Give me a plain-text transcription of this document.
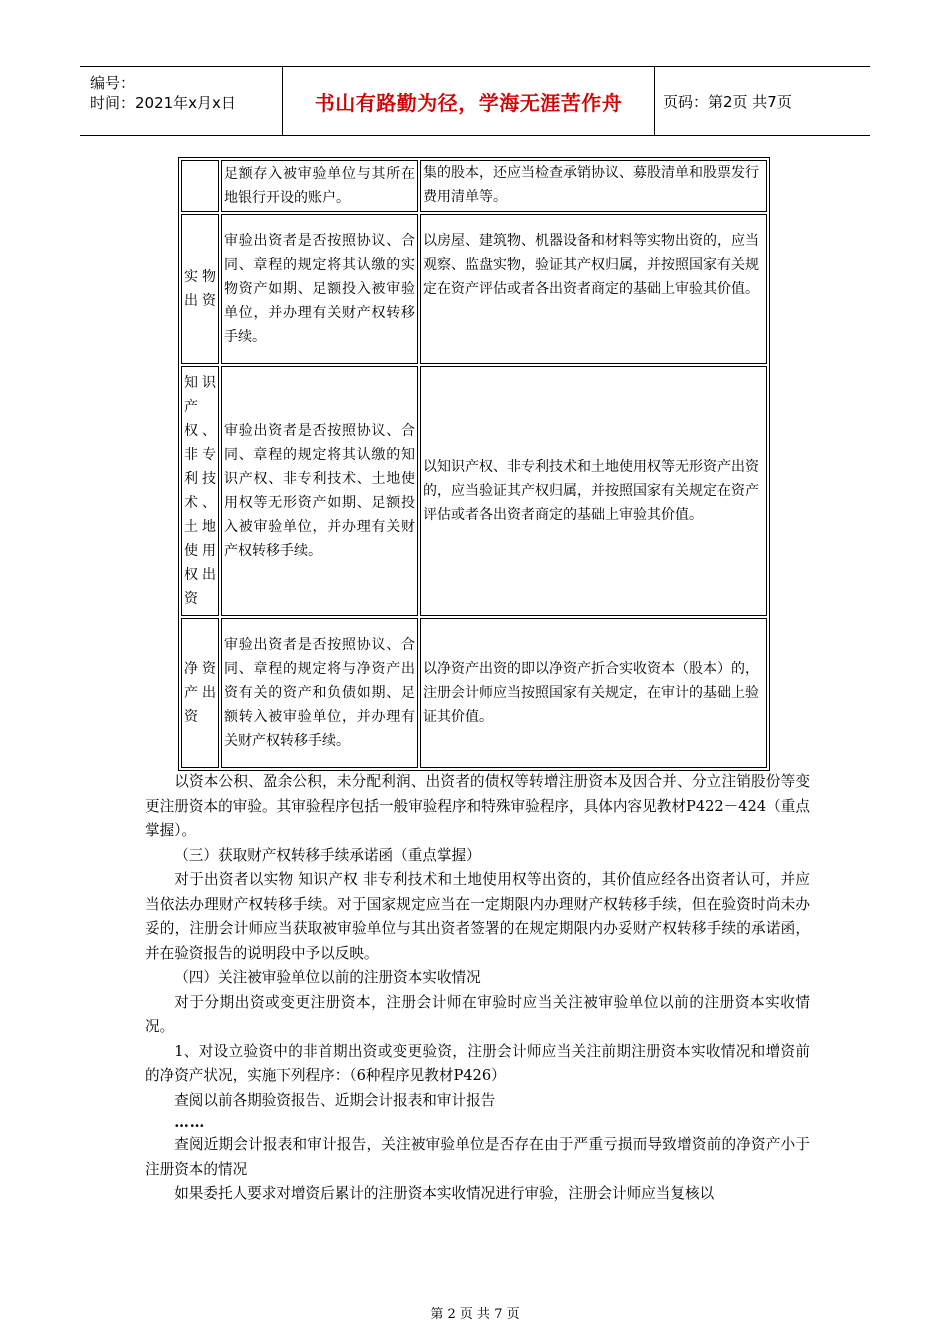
编号：
时间：2021年x月x日	书山有路勤为径，学海无涯苦作舟	页码：第2页 共7页
	足额存入被审验单位与其所在地银行开设的账户。	集的股本，还应当检查承销协议、募股清单和股票发行费用清单等。
实物出资	审验出资者是否按照协议、合同、章程的规定将其认缴的实物资产如期、足额投入被审验单位，并办理有关财产权转移手续。	以房屋、建筑物、机器设备和材料等实物出资的，应当观察、监盘实物，验证其产权归属，并按照国家有关规定在资产评估或者各出资者商定的基础上审验其价值。
知识产权、非专利技术、土地使用权出资	审验出资者是否按照协议、合同、章程的规定将其认缴的知识产权、非专利技术、土地使用权等无形资产如期、足额投入被审验单位，并办理有关财产权转移手续。	以知识产权、非专利技术和土地使用权等无形资产出资的，应当验证其产权归属，并按照国家有关规定在资产评估或者各出资者商定的基础上审验其价值。
净资产出资	审验出资者是否按照协议、合同、章程的规定将与净资产出资有关的资产和负债如期、足额转入被审验单位，并办理有关财产权转移手续。	以净资产出资的即以净资产折合实收资本（股本）的，注册会计师应当按照国家有关规定，在审计的基础上验证其价值。

以资本公积、盈余公积，未分配利润、出资者的债权等转增注册资本及因合并、分立注销股份等变更注册资本的审验。其审验程序包括一般审验程序和特殊审验程序，具体内容见教材P422－424（重点掌握）。

（三）获取财产权转移手续承诺函（重点掌握）

对于出资者以实物 知识产权 非专利技术和土地使用权等出资的，其价值应经各出资者认可，并应当依法办理财产权转移手续。对于国家规定应当在一定期限内办理财产权转移手续，但在验资时尚未办妥的，注册会计师应当获取被审验单位与其出资者签署的在规定期限内办妥财产权转移手续的承诺函，并在验资报告的说明段中予以反映。

（四）关注被审验单位以前的注册资本实收情况

对于分期出资或变更注册资本，注册会计师在审验时应当关注被审验单位以前的注册资本实收情况。

1、对设立验资中的非首期出资或变更验资，注册会计师应当关注前期注册资本实收情况和增资前的净资产状况，实施下列程序：（6种程序见教材P426）

查阅以前各期验资报告、近期会计报表和审计报告

……

查阅近期会计报表和审计报告，关注被审验单位是否存在由于严重亏损而导致增资前的净资产小于注册资本的情况

如果委托人要求对增资后累计的注册资本实收情况进行审验，注册会计师应当复核以

第 2 页 共 7 页
